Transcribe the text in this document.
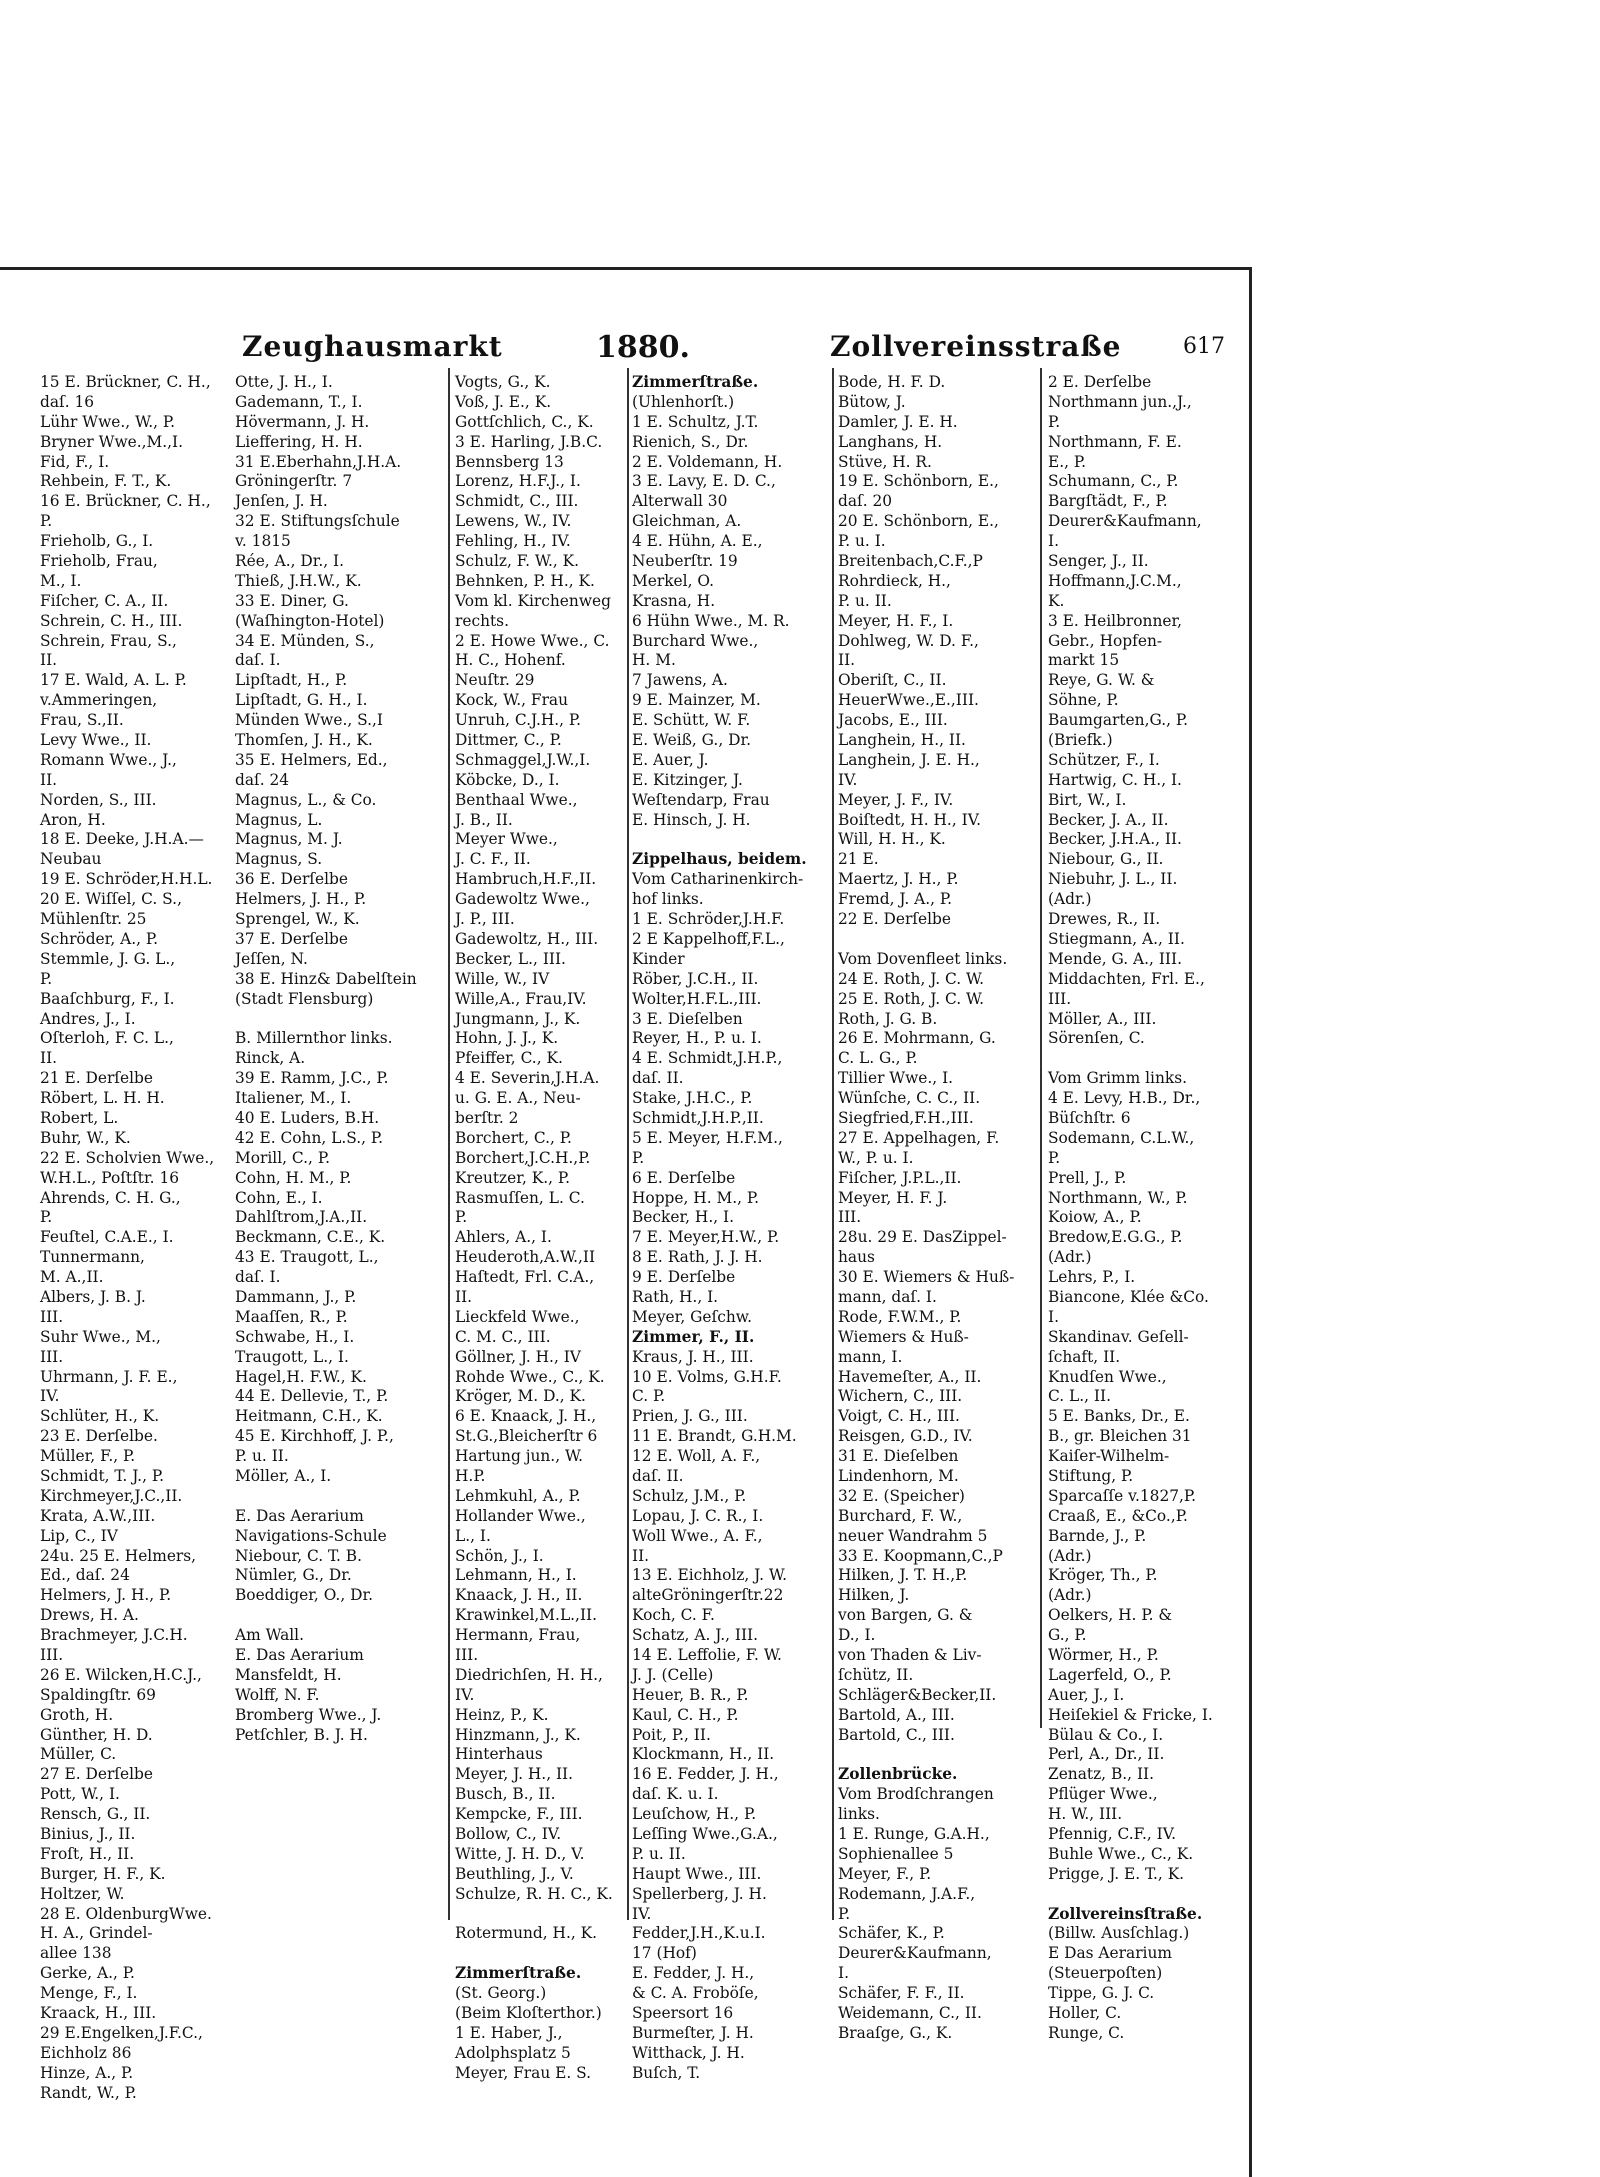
Zeughausmarkt	1880.	Zollvereinsstraße	617
15 E. Brückner, C. H.,
daſ. 16
Lühr Wwe., W., P.
Bryner Wwe.,M.,I.
Fid, F., I.
Rehbein, F. T., K.
16 E. Brückner, C. H.,
P.
Frieholb, G., I.
Frieholb, Frau,
M., I.
Fiſcher, C. A., II.
Schrein, C. H., III.
Schrein, Frau, S.,
II.
17 E. Wald, A. L. P.
v.Ammeringen,
Frau, S.,II.
Levy Wwe., II.
Romann Wwe., J.,
II.
Norden, S., III.
Aron, H.
18 E. Deeke, J.H.A.—
Neubau
19 E. Schröder,H.H.L.
20 E. Wiſſel, C. S.,
Mühlenſtr. 25
Schröder, A., P.
Stemmle, J. G. L.,
P.
Baaſchburg, F., I.
Andres, J., I.
Oſterloh, F. C. L.,
II.
21 E. Derſelbe
Röbert, L. H. H.
Robert, L.
Buhr, W., K.
22 E. Scholvien Wwe.,
W.H.L., Poſtſtr. 16
Ahrends, C. H. G.,
P.
Feuſtel, C.A.E., I.
Tunnermann,
M. A.,II.
Albers, J. B. J.
III.
Suhr Wwe., M.,
III.
Uhrmann, J. F. E.,
IV.
Schlüter, H., K.
23 E. Derſelbe.
Müller, F., P.
Schmidt, T. J., P.
Kirchmeyer,J.C.,II.
Krata, A.W.,III.
Lip, C., IV
24u. 25 E. Helmers,
Ed., daſ. 24
Helmers, J. H., P.
Drews, H. A.
Brachmeyer, J.C.H.
III.
26 E. Wilcken,H.C.J.,
Spaldingſtr. 69
Groth, H.
Günther, H. D.
Müller, C.
27 E. Derſelbe
Pott, W., I.
Rensch, G., II.
Binius, J., II.
Froſt, H., II.
Burger, H. F., K.
Holtzer, W.
28 E. OldenburgWwe.
H. A., Grindel-
allee 138
Gerke, A., P.
Menge, F., I.
Kraack, H., III.
29 E.Engelken,J.F.C.,
Eichholz 86
Hinze, A., P.
Randt, W., P.
Otte, J. H., I.
Gademann, T., I.
Hövermann, J. H.
Lieffering, H. H.
31 E.Eberhahn,J.H.A.
Gröningerſtr. 7
Jenſen, J. H.
32 E. Stiftungsſchule
v. 1815
Rée, A., Dr., I.
Thieß, J.H.W., K.
33 E. Diner, G.
(Waſhington-Hotel)
34 E. Münden, S.,
daſ. I.
Lipſtadt, H., P.
Lipſtadt, G. H., I.
Münden Wwe., S.,I
Thomſen, J. H., K.
35 E. Helmers, Ed.,
daſ. 24
Magnus, L., & Co.
Magnus, L.
Magnus, M. J.
Magnus, S.
36 E. Derſelbe
Helmers, J. H., P.
Sprengel, W., K.
37 E. Derſelbe
Jeſſen, N.
38 E. Hinz& Dabelſtein
(Stadt Flensburg)
B. Millernthor links.
Rinck, A.
39 E. Ramm, J.C., P.
Italiener, M., I.
40 E. Luders, B.H.
42 E. Cohn, L.S., P.
Morill, C., P.
Cohn, H. M., P.
Cohn, E., I.
Dahlſtrom,J.A.,II.
Beckmann, C.E., K.
43 E. Traugott, L.,
daſ. I.
Dammann, J., P.
Maaſſen, R., P.
Schwabe, H., I.
Traugott, L., I.
Hagel,H. F.W., K.
44 E. Dellevie, T., P.
Heitmann, C.H., K.
45 E. Kirchhoff, J. P.,
P. u. II.
Möller, A., I.
E. Das Aerarium
Navigations-Schule
Niebour, C. T. B.
Nümler, G., Dr.
Boeddiger, O., Dr.
Am Wall.
E. Das Aerarium
Mansfeldt, H.
Wolff, N. F.
Bromberg Wwe., J.
Petſchler, B. J. H.
Vogts, G., K.
Voß, J. E., K.
Gottſchlich, C., K.
3 E. Harling, J.B.C.
Bennsberg 13
Lorenz, H.F.J., I.
Schmidt, C., III.
Lewens, W., IV.
Fehling, H., IV.
Schulz, F. W., K.
Behnken, P. H., K.
Vom kl. Kirchenweg
rechts.
2 E. Howe Wwe., C.
H. C., Hohenf.
Neuſtr. 29
Kock, W., Frau
Unruh, C.J.H., P.
Dittmer, C., P.
Schmaggel,J.W.,I.
Köbcke, D., I.
Benthaal Wwe.,
J. B., II.
Meyer Wwe.,
J. C. F., II.
Hambruch,H.F.,II.
Gadewoltz Wwe.,
J. P., III.
Gadewoltz, H., III.
Becker, L., III.
Wille, W., IV
Wille,A., Frau,IV.
Jungmann, J., K.
Hohn, J. J., K.
Pfeiffer, C., K.
4 E. Severin,J.H.A.
u. G. E. A., Neu-
berſtr. 2
Borchert, C., P.
Borchert,J.C.H.,P.
Kreutzer, K., P.
Rasmuſſen, L. C.
P.
Ahlers, A., I.
Heuderoth,A.W.,II
Haſtedt, Frl. C.A.,
II.
Lieckfeld Wwe.,
C. M. C., III.
Göllner, J. H., IV
Rohde Wwe., C., K.
Kröger, M. D., K.
6 E. Knaack, J. H.,
St.G.,Bleicherſtr 6
Hartung jun., W.
H.P.
Lehmkuhl, A., P.
Hollander Wwe.,
L., I.
Schön, J., I.
Lehmann, H., I.
Knaack, J. H., II.
Krawinkel,M.L.,II.
Hermann, Frau,
III.
Diedrichſen, H. H.,
IV.
Heinz, P., K.
Hinzmann, J., K.
Hinterhaus
Meyer, J. H., II.
Busch, B., II.
Kempcke, F., III.
Bollow, C., IV.
Witte, J. H. D., V.
Beuthling, J., V.
Schulze, R. H. C., K.
Rotermund, H., K.
Zimmerſtraße.
(St. Georg.)
(Beim Kloſterthor.)
1 E. Haber, J.,
Adolphsplatz 5
Meyer, Frau E. S.
Zimmerſtraße.
(Uhlenhorſt.)
1 E. Schultz, J.T.
Rienich, S., Dr.
2 E. Voldemann, H.
3 E. Lavy, E. D. C.,
Alterwall 30
Gleichman, A.
4 E. Hühn, A. E.,
Neuberſtr. 19
Merkel, O.
Krasna, H.
6 Hühn Wwe., M. R.
Burchard Wwe.,
H. M.
7 Jawens, A.
9 E. Mainzer, M.
E. Schütt, W. F.
E. Weiß, G., Dr.
E. Auer, J.
E. Kitzinger, J.
Weſtendarp, Frau
E. Hinsch, J. H.
Zippelhaus, beidem.
Vom Catharinenkirch-
hof links.
1 E. Schröder,J.H.F.
2 E Kappelhoff,F.L.,
Kinder
Röber, J.C.H., II.
Wolter,H.F.L.,III.
3 E. Dieſelben
Reyer, H., P. u. I.
4 E. Schmidt,J.H.P.,
daſ. II.
Stake, J.H.C., P.
Schmidt,J.H.P.,II.
5 E. Meyer, H.F.M.,
P.
6 E. Derſelbe
Hoppe, H. M., P.
Becker, H., I.
7 E. Meyer,H.W., P.
8 E. Rath, J. J. H.
9 E. Derſelbe
Rath, H., I.
Meyer, Geſchw.
Zimmer, F., II.
Kraus, J. H., III.
10 E. Volms, G.H.F.
C. P.
Prien, J. G., III.
11 E. Brandt, G.H.M.
12 E. Woll, A. F.,
daſ. II.
Schulz, J.M., P.
Lopau, J. C. R., I.
Woll Wwe., A. F.,
II.
13 E. Eichholz, J. W.
alteGröningerſtr.22
Koch, C. F.
Schatz, A. J., III.
14 E. Leffolie, F. W.
J. J. (Celle)
Heuer, B. R., P.
Kaul, C. H., P.
Poit, P., II.
Klockmann, H., II.
16 E. Fedder, J. H.,
daſ. K. u. I.
Leuſchow, H., P.
Leſſing Wwe.,G.A.,
P. u. II.
Haupt Wwe., III.
Spellerberg, J. H.
IV.
Fedder,J.H.,K.u.I.
17 (Hof)
E. Fedder, J. H.,
& C. A. Froböſe,
Speersort 16
Burmeſter, J. H.
Witthack, J. H.
Buſch, T.
Bode, H. F. D.
Bütow, J.
Damler, J. E. H.
Langhans, H.
Stüve, H. R.
19 E. Schönborn, E.,
daſ. 20
20 E. Schönborn, E.,
P. u. I.
Breitenbach,C.F.,P
Rohrdieck, H.,
P. u. II.
Meyer, H. F., I.
Dohlweg, W. D. F.,
II.
Oberiſt, C., II.
HeuerWwe.,E.,III.
Jacobs, E., III.
Langhein, H., II.
Langhein, J. E. H.,
IV.
Meyer, J. F., IV.
Boiſtedt, H. H., IV.
Will, H. H., K.
21 E.
Maertz, J. H., P.
Fremd, J. A., P.
22 E. Derſelbe
Vom Dovenfleet links.
24 E. Roth, J. C. W.
25 E. Roth, J. C. W.
Roth, J. G. B.
26 E. Mohrmann, G.
C. L. G., P.
Tillier Wwe., I.
Wünſche, C. C., II.
Siegfried,F.H.,III.
27 E. Appelhagen, F.
W., P. u. I.
Fiſcher, J.P.L.,II.
Meyer, H. F. J.
III.
28u. 29 E. DasZippel-
haus
30 E. Wiemers & Huß-
mann, daſ. I.
Rode, F.W.M., P.
Wiemers & Huß-
mann, I.
Havemeſter, A., II.
Wichern, C., III.
Voigt, C. H., III.
Reisgen, G.D., IV.
31 E. Dieſelben
Lindenhorn, M.
32 E. (Speicher)
Burchard, F. W.,
neuer Wandrahm 5
33 E. Koopmann,C.,P
Hilken, J. T. H.,P.
Hilken, J.
von Bargen, G. &
D., I.
von Thaden & Liv-
ſchütz, II.
Schläger&Becker,II.
Bartold, A., III.
Bartold, C., III.
Zollenbrücke.
Vom Brodſchrangen
links.
1 E. Runge, G.A.H.,
Sophienallee 5
Meyer, F., P.
Rodemann, J.A.F.,
P.
Schäfer, K., P.
Deurer&Kaufmann,
I.
Schäfer, F. F., II.
Weidemann, C., II.
Braaſge, G., K.
2 E. Derſelbe
Northmann jun.,J.,
P.
Northmann, F. E.
E., P.
Schumann, C., P.
Bargſtädt, F., P.
Deurer&Kaufmann,
I.
Senger, J., II.
Hoffmann,J.C.M.,
K.
3 E. Heilbronner,
Gebr., Hopfen-
markt 15
Reye, G. W. &
Söhne, P.
Baumgarten,G., P.
(Briefk.)
Schützer, F., I.
Hartwig, C. H., I.
Birt, W., I.
Becker, J. A., II.
Becker, J.H.A., II.
Niebour, G., II.
Niebuhr, J. L., II.
(Adr.)
Drewes, R., II.
Stiegmann, A., II.
Mende, G. A., III.
Middachten, Frl. E.,
III.
Möller, A., III.
Sörenſen, C.
Vom Grimm links.
4 E. Levy, H.B., Dr.,
Büſchſtr. 6
Sodemann, C.L.W.,
P.
Prell, J., P.
Northmann, W., P.
Koiow, A., P.
Bredow,E.G.G., P.
(Adr.)
Lehrs, P., I.
Biancone, Klée &Co.
I.
Skandinav. Geſell-
ſchaft, II.
Knudſen Wwe.,
C. L., II.
5 E. Banks, Dr., E.
B., gr. Bleichen 31
Kaiſer-Wilhelm-
Stiftung, P.
Sparcaſſe v.1827,P.
Craaß, E., &Co.,P.
Barnde, J., P.
(Adr.)
Kröger, Th., P.
(Adr.)
Oelkers, H. P. &
G., P.
Wörmer, H., P.
Lagerfeld, O., P.
Auer, J., I.
Heiſekiel & Fricke, I.
Bülau & Co., I.
Perl, A., Dr., II.
Zenatz, B., II.
Pflüger Wwe.,
H. W., III.
Pfennig, C.F., IV.
Buhle Wwe., C., K.
Prigge, J. E. T., K.
Zollvereinsſtraße.
(Billw. Ausſchlag.)
E Das Aerarium
(Steuerpoſten)
Tippe, G. J. C.
Holler, C.
Runge, C.
